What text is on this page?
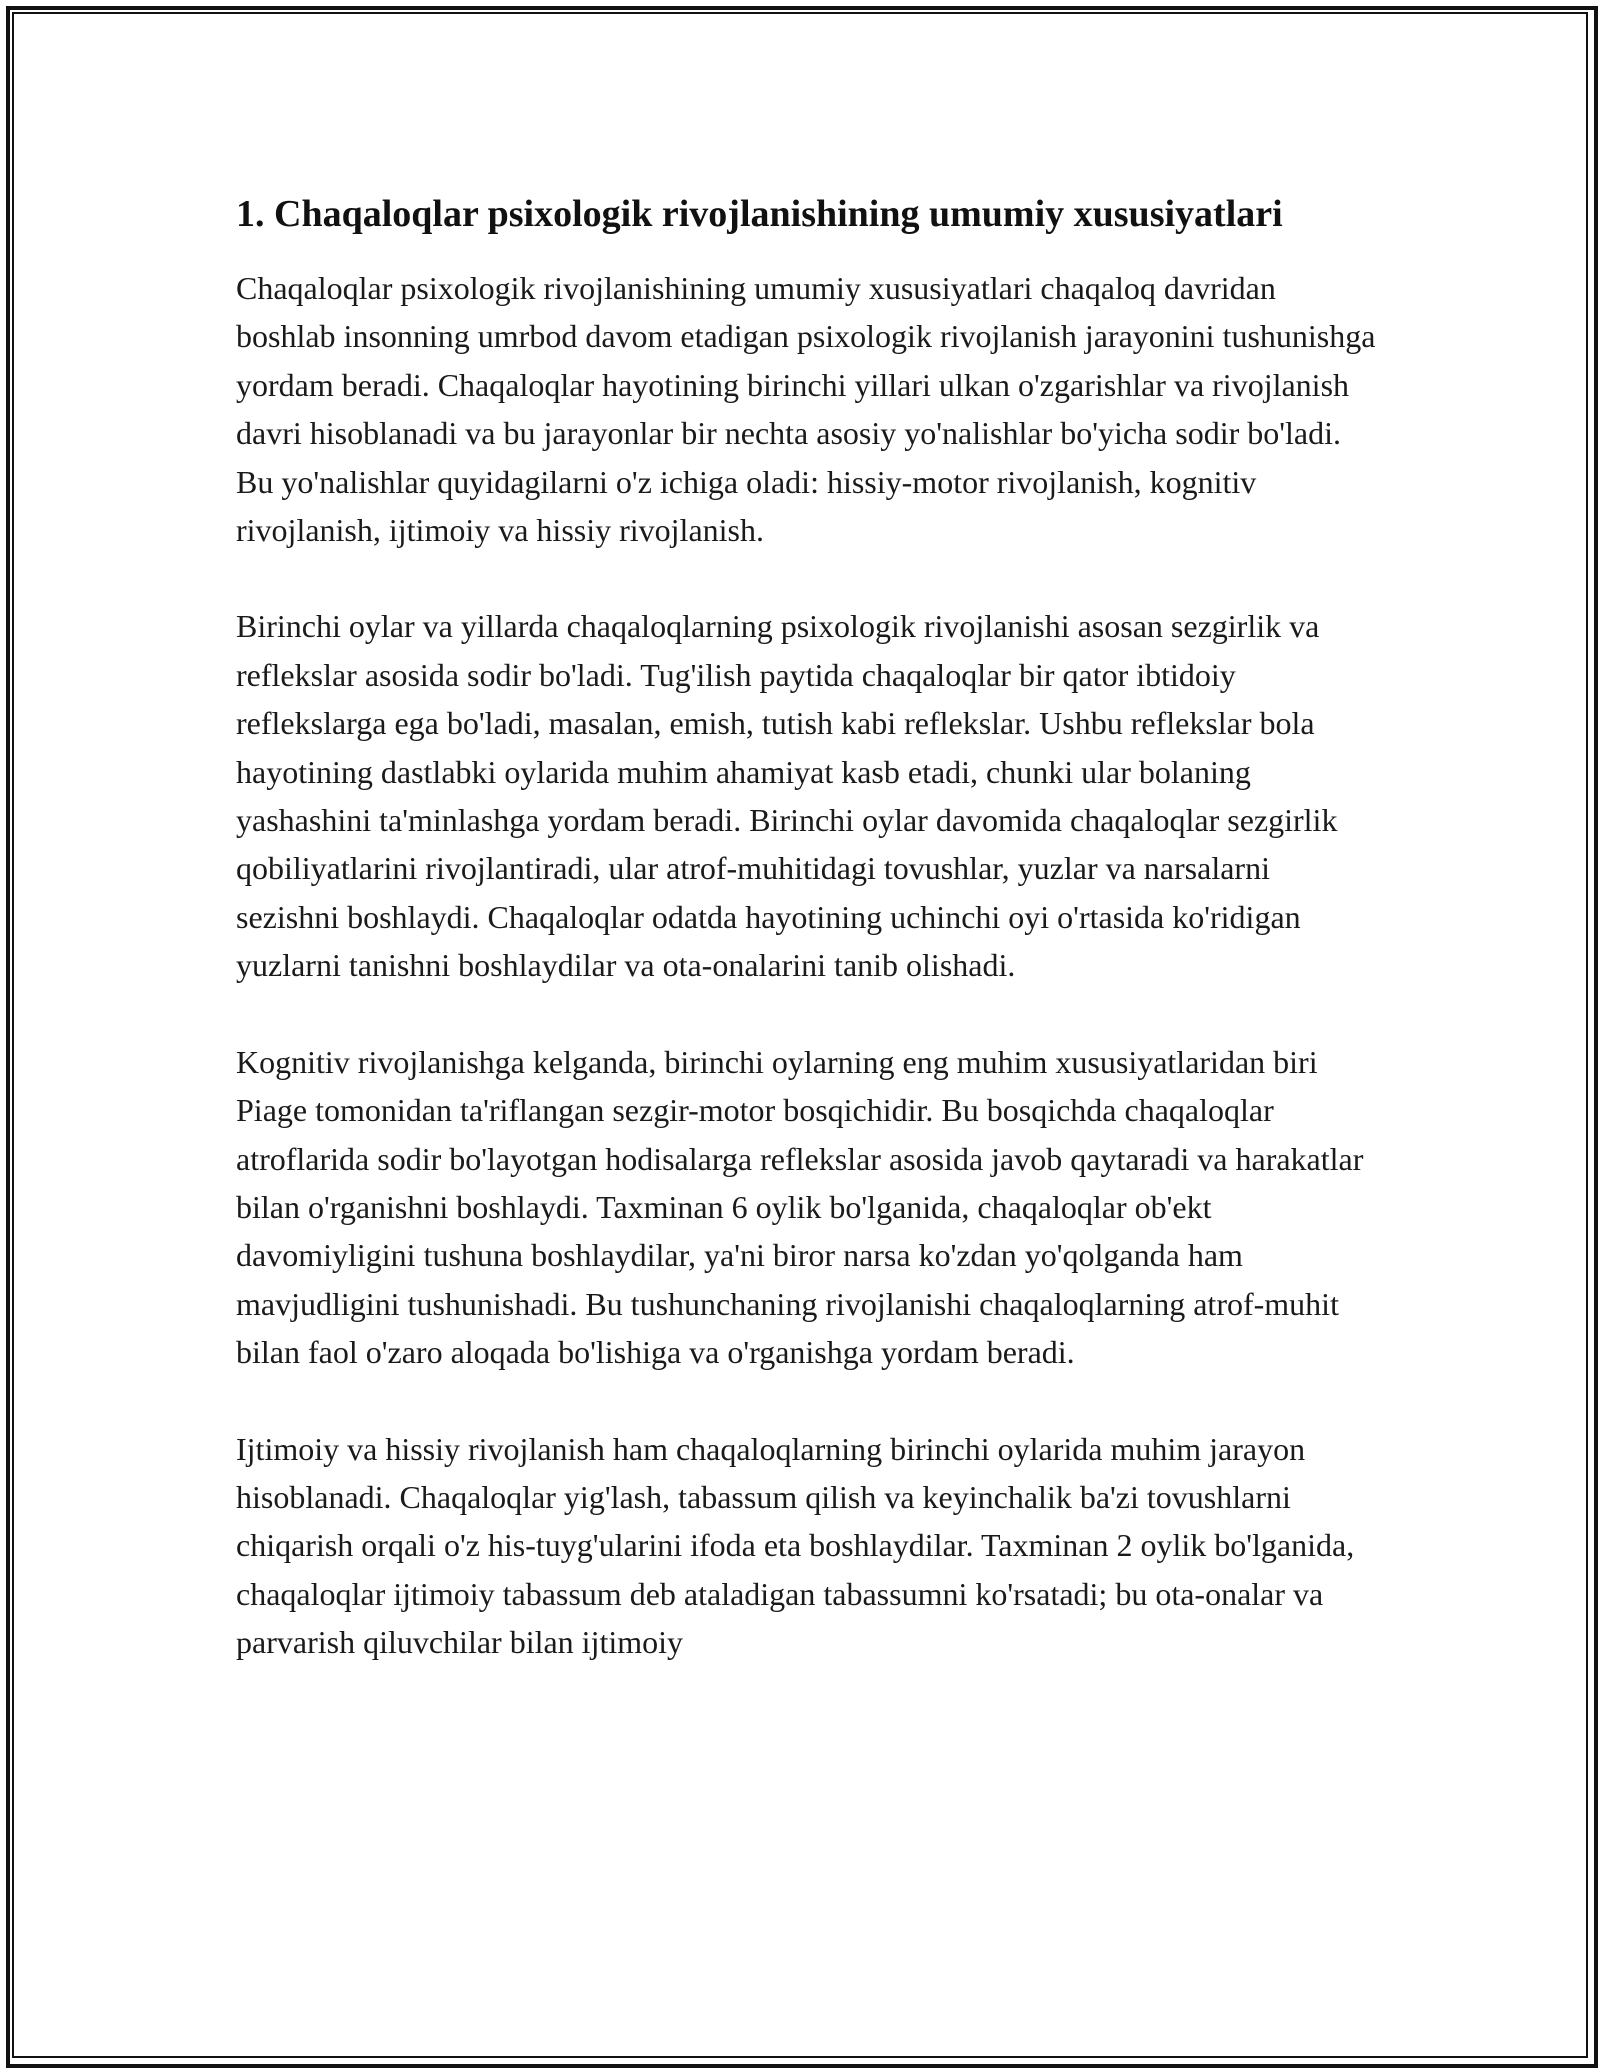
1. Chaqaloqlar psixologik rivojlanishining umumiy xususiyatlari

Chaqaloqlar psixologik rivojlanishining umumiy xususiyatlari chaqaloq davridan boshlab insonning umrbod davom etadigan psixologik rivojlanish jarayonini tushunishga yordam beradi. Chaqaloqlar hayotining birinchi yillari ulkan o'zgarishlar va rivojlanish davri hisoblanadi va bu jarayonlar bir nechta asosiy yo'nalishlar bo'yicha sodir bo'ladi. Bu yo'nalishlar quyidagilarni o'z ichiga oladi: hissiy-motor rivojlanish, kognitiv rivojlanish, ijtimoiy va hissiy rivojlanish.

Birinchi oylar va yillarda chaqaloqlarning psixologik rivojlanishi asosan sezgirlik va reflekslar asosida sodir bo'ladi. Tug'ilish paytida chaqaloqlar bir qator ibtidoiy reflekslarga ega bo'ladi, masalan, emish, tutish kabi reflekslar. Ushbu reflekslar bola hayotining dastlabki oylarida muhim ahamiyat kasb etadi, chunki ular bolaning yashashini ta'minlashga yordam beradi. Birinchi oylar davomida chaqaloqlar sezgirlik qobiliyatlarini rivojlantiradi, ular atrof-muhitidagi tovushlar, yuzlar va narsalarni sezishni boshlaydi. Chaqaloqlar odatda hayotining uchinchi oyi o'rtasida ko'ridigan yuzlarni tanishni boshlaydilar va ota-onalarini tanib olishadi.

Kognitiv rivojlanishga kelganda, birinchi oylarning eng muhim xususiyatlaridan biri Piage tomonidan ta'riflangan sezgir-motor bosqichidir. Bu bosqichda chaqaloqlar atroflarida sodir bo'layotgan hodisalarga reflekslar asosida javob qaytaradi va harakatlar bilan o'rganishni boshlaydi. Taxminan 6 oylik bo'lganida, chaqaloqlar ob'ekt davomiyligini tushuna boshlaydilar, ya'ni biror narsa ko'zdan yo'qolganda ham mavjudligini tushunishadi. Bu tushunchaning rivojlanishi chaqaloqlarning atrof-muhit bilan faol o'zaro aloqada bo'lishiga va o'rganishga yordam beradi.

Ijtimoiy va hissiy rivojlanish ham chaqaloqlarning birinchi oylarida muhim jarayon hisoblanadi. Chaqaloqlar yig'lash, tabassum qilish va keyinchalik ba'zi tovushlarni chiqarish orqali o'z his-tuyg'ularini ifoda eta boshlaydilar. Taxminan 2 oylik bo'lganida, chaqaloqlar ijtimoiy tabassum deb ataladigan tabassumni ko'rsatadi; bu ota-onalar va parvarish qiluvchilar bilan ijtimoiy
